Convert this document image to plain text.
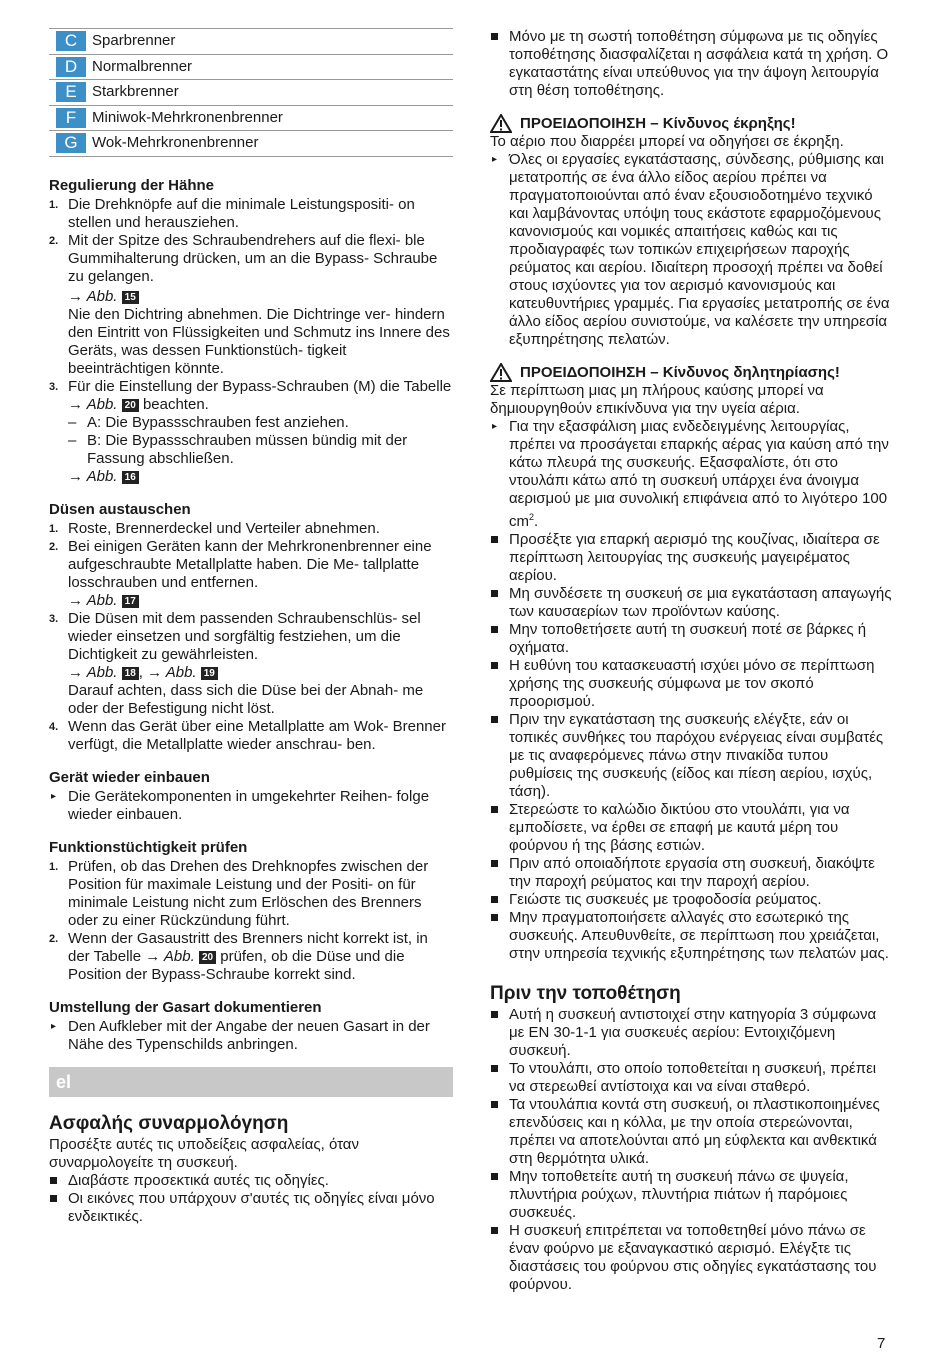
C Sparbrenner
D Normalbrenner
E	Starkbrenner
F	Miniwok-Mehrkronenbrenner
G Wok-Mehrkronenbrenner
Regulierung der Hähne
1. Die Drehknöpfe auf die minimale Leistungspositi- on stellen und herausziehen.
2. Mit der Spitze des Schraubendrehers auf die flexi- ble Gummihalterung drücken, um an die Bypass- Schraube zu gelangen.
→ Abb. 15
Nie den Dichtring abnehmen. Die Dichtringe ver- hindern den Eintritt von Flüssigkeiten und Schmutz ins Innere des Geräts, was dessen Funktionstüch- tigkeit beeinträchtigen könnte.
3. Für die Einstellung der Bypass-Schrauben (M) die Tabelle → Abb. 20 beachten.
– A: Die Bypassschrauben fest anziehen.
– B: Die Bypassschrauben müssen bündig mit der Fassung abschließen.
→ Abb. 16
Düsen austauschen
1. Roste, Brennerdeckel und Verteiler abnehmen.
2. Bei einigen Geräten kann der Mehrkronenbrenner eine aufgeschraubte Metallplatte haben. Die Me- tallplatte losschrauben und entfernen.
→ Abb. 17
3. Die Düsen mit dem passenden Schraubenschlüs- sel wieder einsetzen und sorgfältig festziehen, um die Dichtigkeit zu gewährleisten.
→ Abb. 18 , → Abb. 19
Darauf achten, dass sich die Düse bei der Abnah- me oder der Befestigung nicht löst.
4. Wenn das Gerät über eine Metallplatte am Wok- Brenner verfügt, die Metallplatte wieder anschrau- ben.
Gerät wieder einbauen
▸ Die Gerätekomponenten in umgekehrter Reihen- folge wieder einbauen.
Funktionstüchtigkeit prüfen
1. Prüfen, ob das Drehen des Drehknopfes zwischen der Position für maximale Leistung und der Positi- on für minimale Leistung nicht zum Erlöschen des Brenners oder zu einer Rückzündung führt.
2. Wenn der Gasaustritt des Brenners nicht korrekt ist, in der Tabelle → Abb. 20 prüfen, ob die Düse und die Position der Bypass-Schraube korrekt sind.
Umstellung der Gasart dokumentieren
▸ Den Aufkleber mit der Angabe der neuen Gasart in der Nähe des Typenschilds anbringen.
el
Ασφαλής συναρμολόγηση

Προσέξτε αυτές τις υποδείξεις ασφαλείας, όταν συναρμολογείτε τη συσκευή.

Διαβάστε προσεκτικά αυτές τις οδηγίες.
Οι εικόνες που υπάρχουν σ'αυτές τις οδηγίες είναι μόνο ενδεικτικές.
Μόνο με τη σωστή τοποθέτηση σύμφωνα με τις οδηγίες τοποθέτησης διασφαλίζεται η ασφάλεια κατά τη χρήση. Ο εγκαταστάτης είναι υπεύθυνος για την άψογη λειτουργία στη θέση τοποθέτησης.
ΠΡΟΕΙΔΟΠΟΙΗΣΗ – Κίνδυνος έκρηξης!

Το αέριο που διαρρέει μπορεί να οδηγήσει σε έκρηξη.

▸ Όλες οι εργασίες εγκατάστασης, σύνδεσης, ρύθμισης και μετατροπής σε ένα άλλο είδος αερίου πρέπει να πραγματοποιούνται από έναν εξουσιοδοτημένο τεχνικό και λαμβάνοντας υπόψη τους εκάστοτε εφαρμοζόμενους κανονισμούς και νομικές απαιτήσεις καθώς και τις προδιαγραφές των τοπικών επιχειρήσεων παροχής ρεύματος και αερίου. Ιδιαίτερη προσοχή πρέπει να δοθεί στους ισχύοντες για τον αερισμό κανονισμούς και κατευθυντήριες γραμμές. Για εργασίες μετατροπής σε ένα άλλο είδος αερίου συνιστούμε, να καλέσετε την υπηρεσία εξυπηρέτησης πελατών.
ΠΡΟΕΙΔΟΠΟΙΗΣΗ – Κίνδυνος δηλητηρίασης!

Σε περίπτωση μιας μη πλήρους καύσης μπορεί να δημιουργηθούν επικίνδυνα για την υγεία αέρια.

▸ Για την εξασφάλιση μιας ενδεδειγμένης λειτουργίας, πρέπει να προσάγεται επαρκής αέρας για καύση από την κάτω πλευρά της συσκευής. Εξασφαλίστε, ότι στο ντουλάπι κάτω από τη συσκευή υπάρχει ένα άνοιγμα αερισμού με μια συνολική επιφάνεια από το λιγότερο 100 $cm^2$.
Προσέξτε για επαρκή αερισμό της κουζίνας, ιδιαίτερα σε περίπτωση λειτουργίας της συσκευής μαγειρέματος αερίου.
Μη συνδέσετε τη συσκευή σε μια εγκατάσταση απαγωγής των καυσαερίων των προϊόντων καύσης.
Μην τοποθετήσετε αυτή τη συσκευή ποτέ σε βάρκες ή οχήματα.
Η ευθύνη του κατασκευαστή ισχύει μόνο σε περίπτωση χρήσης της συσκευής σύμφωνα με τον σκοπό προορισμού.
Πριν την εγκατάσταση της συσκευής ελέγξτε, εάν οι τοπικές συνθήκες του παρόχου ενέργειας είναι συμβατές με τις αναφερόμενες πάνω στην πινακίδα τυπου ρυθμίσεις της συσκευής (είδος και πίεση αερίου, ισχύς, τάση).
Στερεώστε το καλώδιο δικτύου στο ντουλάπι, για να εμποδίσετε, να έρθει σε επαφή με καυτά μέρη του φούρνου ή της βάσης εστιών.
Πριν από οποιαδήποτε εργασία στη συσκευή, διακόψτε την παροχή ρεύματος και την παροχή αερίου.
Γειώστε τις συσκευές με τροφοδοσία ρεύματος.
Μην πραγματοποιήσετε αλλαγές στο εσωτερικό της συσκευής. Απευθυνθείτε, σε περίπτωση που χρειάζεται, στην υπηρεσία τεχνικής εξυπηρέτησης των πελατών μας.
Πριν την τοποθέτηση
Αυτή η συσκευή αντιστοιχεί στην κατηγορία 3 σύμφωνα με EN 30-1-1 για συσκευές αερίου: Εντοιχιζόμενη συσκευή.
Το ντουλάπι, στο οποίο τοποθετείται η συσκευή, πρέπει να στερεωθεί αντίστοιχα και να είναι σταθερό.
Τα ντουλάπια κοντά στη συσκευή, οι πλαστικοποιημένες επενδύσεις και η κόλλα, με την οποία στερεώνονται, πρέπει να αποτελούνται από μη εύφλεκτα και ανθεκτικά στη θερμότητα υλικά.
Μην τοποθετείτε αυτή τη συσκευή πάνω σε ψυγεία, πλυντήρια ρούχων, πλυντήρια πιάτων ή παρόμοιες συσκευές.
Η συσκευή επιτρέπεται να τοποθετηθεί μόνο πάνω σε έναν φούρνο με εξαναγκαστικό αερισμό. Ελέγξτε τις διαστάσεις του φούρνου στις οδηγίες εγκατάστασης του φούρνου.
7
